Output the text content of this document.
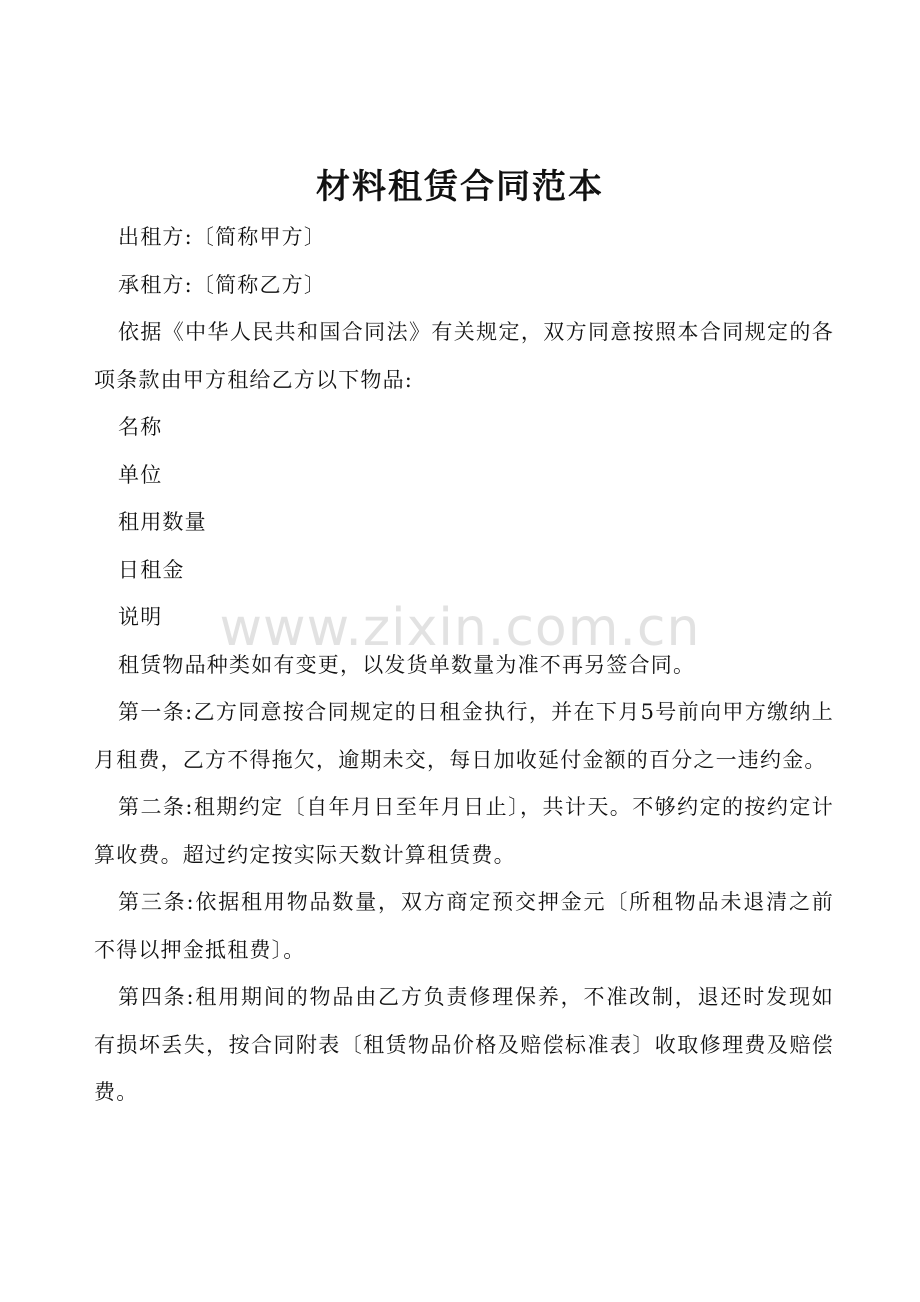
材料租赁合同范本

出租方:〔简称甲方〕

承租方:〔简称乙方〕

依据《中华人民共和国合同法》有关规定，双方同意按照本合同规定的各项条款由甲方租给乙方以下物品:

名称

单位

租用数量

日租金

说明

租赁物品种类如有变更，以发货单数量为准不再另签合同。

第一条:乙方同意按合同规定的日租金执行，并在下月5号前向甲方缴纳上月租费，乙方不得拖欠，逾期未交，每日加收延付金额的百分之一违约金。

第二条:租期约定〔自年月日至年月日止〕，共计天。不够约定的按约定计算收费。超过约定按实际天数计算租赁费。

第三条:依据租用物品数量，双方商定预交押金元〔所租物品未退清之前不得以押金抵租费〕。

第四条:租用期间的物品由乙方负责修理保养，不准改制，退还时发现如有损坏丢失，按合同附表〔租赁物品价格及赔偿标准表〕收取修理费及赔偿费。

www.zixin.com.cn
